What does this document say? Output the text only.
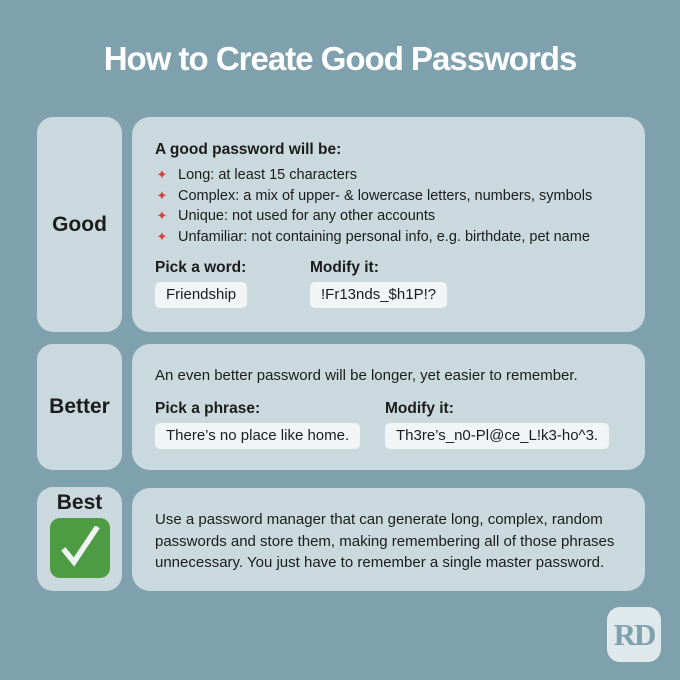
How to Create Good Passwords
Good

A good password will be:

✦ Long: at least 15 characters
✦ Complex: a mix of upper- & lowercase letters, numbers, symbols
✦ Unique: not used for any other accounts
✦ Unfamiliar: not containing personal info, e.g. birthdate, pet name

Pick a word:

Friendship

Modify it:

!Fr13nds_$h1P!?
Better

An even better password will be longer, yet easier to remember.

Pick a phrase:

There’s no place like home.

Modify it:

Th3re’s_n0-Pl@ce_L!k3-ho^3.
Best

Use a password manager that can generate long, complex, random passwords and store them, making remembering all of those phrases unnecessary. You just have to remember a single master password.

RD
